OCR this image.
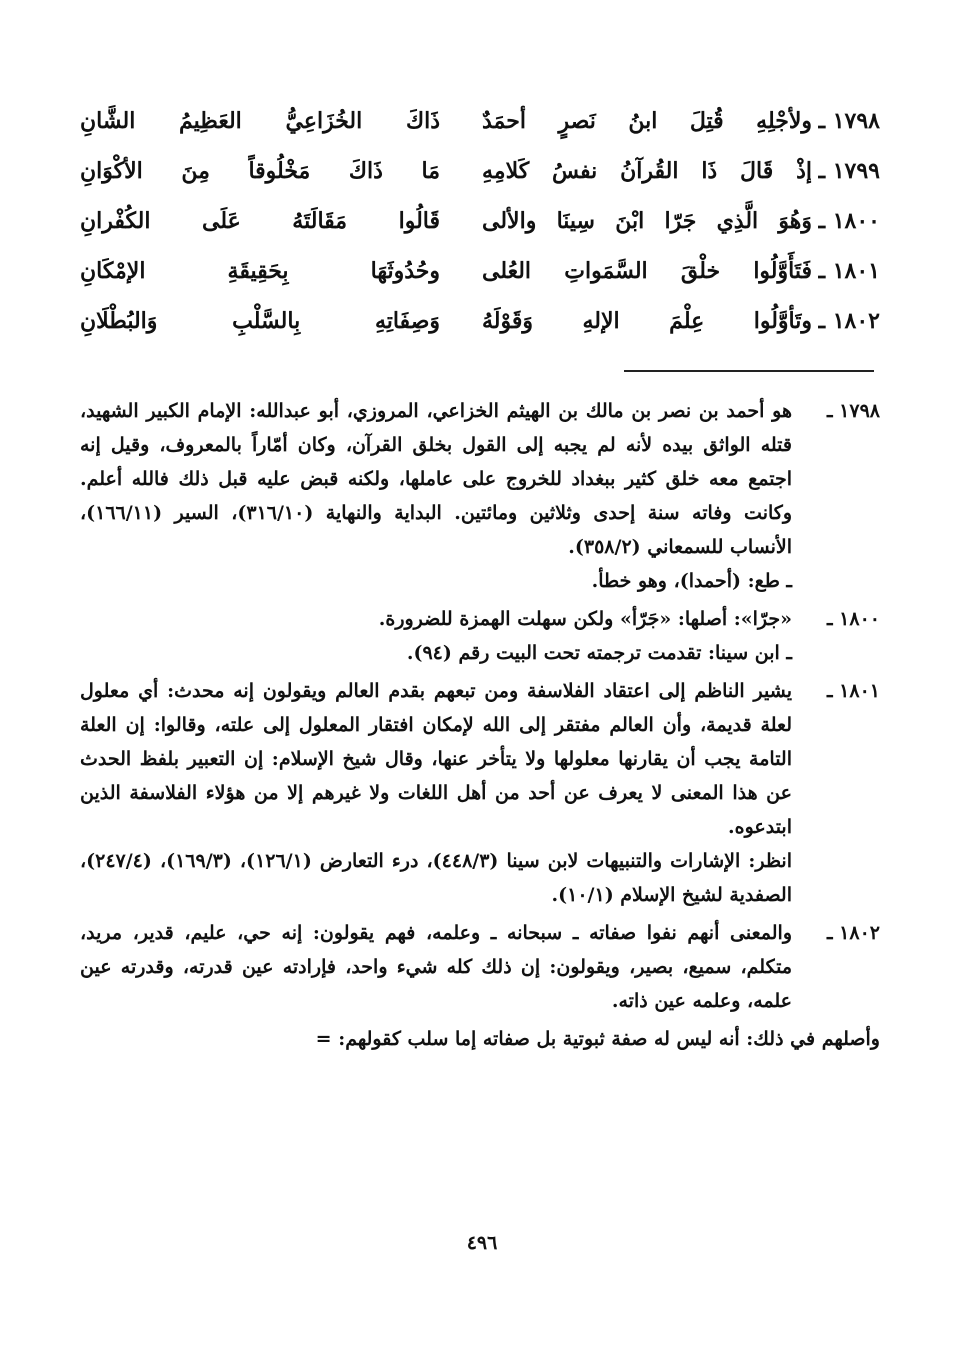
١٧٩٨ ـ
ولأجْلِهِ قُتِلَ ابنُ نَصرٍ أحمَدٌ
ذَاكَ الخُزَاعِيُّ العَظِيمُ الشَّانِ
١٧٩٩ ـ
إذْ قَالَ ذَا القُرآنُ نفسُ كَلامِهِ
مَا ذَاكَ مَخْلُوقاً مِنَ الأكْوَانِ
١٨٠٠ ـ
وَهُوَ الَّذِي جَرّا ابْنَ سِينَا والألى
قَالُوا مَقَالَتَهُ عَلَى الكُفْرانِ
١٨٠١ ـ
فَتَأَوَّلُوا خلْقَ السَّمَواتِ العُلى
وحُدُوثَهَا بِحَقِيقَةِ الإمْكَانِ
١٨٠٢ ـ
وتَأوَّلُوا عِلْمَ الإلهِ وَقَوْلَهُ
وَصِفَاتِهِ بِالسَّلْبِ وَالبُطْلَانِ
١٧٩٨ ـ

هو أحمد بن نصر بن مالك بن الهيثم الخزاعي، المروزي، أبو عبدالله: الإمام الكبير الشهيد، قتله الواثق بيده لأنه لم يجبه إلى القول بخلق القرآن، وكان أمّاراً بالمعروف، وقيل إنه اجتمع معه خلق كثير ببغداد للخروج على عاملها، ولكنه قبض عليه قبل ذلك فالله أعلم. وكانت وفاته سنة إحدى وثلاثين ومائتين. البداية والنهاية (٣١٦/١٠)، السير (١٦٦/١١)، الأنساب للسمعاني (٣٥٨/٢).

ـ طع: (أحمدا)، وهو خطأ.

١٨٠٠ ـ

«جرّا»: أصلها: «جَرّأ» ولكن سهلت الهمزة للضرورة.

ـ ابن سينا: تقدمت ترجمته تحت البيت رقم (٩٤).

١٨٠١ ـ

يشير الناظم إلى اعتقاد الفلاسفة ومن تبعهم بقدم العالم ويقولون إنه محدث: أي معلول لعلة قديمة، وأن العالم مفتقر إلى الله لإمكان افتقار المعلول إلى علته، وقالوا: إن العلة التامة يجب أن يقارنها معلولها ولا يتأخر عنها، وقال شيخ الإسلام: إن التعبير بلفظ الحدث عن هذا المعنى لا يعرف عن أحد من أهل اللغات ولا غيرهم إلا من هؤلاء الفلاسفة الذين ابتدعوه.

انظر: الإشارات والتنبيهات لابن سينا (٤٤٨/٣)، درء التعارض (١٢٦/١)، (١٦٩/٣)، (٢٤٧/٤)، الصفدية لشيخ الإسلام (١٠/١).

١٨٠٢ ـ

والمعنى أنهم نفوا صفاته ـ سبحانه ـ وعلمه، فهم يقولون: إنه حي، عليم، قدير، مريد، متكلم، سميع، بصير، ويقولون: إن ذلك كله شيء واحد، فإرادته عين قدرته، وقدرته عين علمه، وعلمه عين ذاته.

وأصلهم في ذلك: أنه ليس له صفة ثبوتية بل صفاته إما سلب كقولهم: =

٤٩٦
